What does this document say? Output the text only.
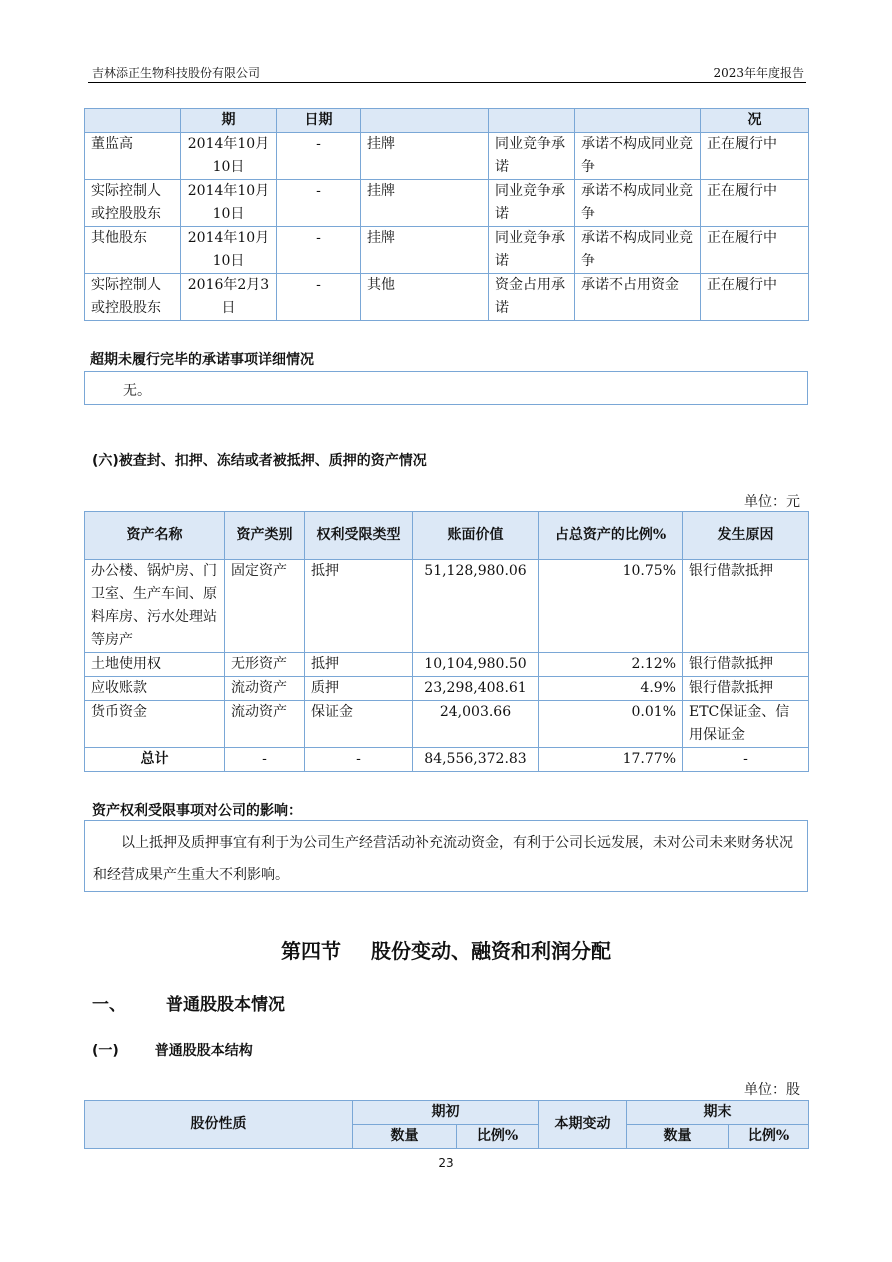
吉林添正生物科技股份有限公司	2023年年度报告
	期	日期				况
董监高	2014年10月10日	-	挂牌	同业竞争承诺	承诺不构成同业竞争	正在履行中
实际控制人或控股股东	2014年10月10日	-	挂牌	同业竞争承诺	承诺不构成同业竞争	正在履行中
其他股东	2014年10月10日	-	挂牌	同业竞争承诺	承诺不构成同业竞争	正在履行中
实际控制人或控股股东	2016年2月3日	-	其他	资金占用承诺	承诺不占用资金	正在履行中
超期未履行完毕的承诺事项详细情况
无。
(六)被查封、扣押、冻结或者被抵押、质押的资产情况
单位：元
资产名称	资产类别	权利受限类型	账面价值	占总资产的比例%	发生原因
办公楼、锅炉房、门卫室、生产车间、原料库房、污水处理站等房产	固定资产	抵押	51,128,980.06	10.75%	银行借款抵押
土地使用权	无形资产	抵押	10,104,980.50	2.12%	银行借款抵押
应收账款	流动资产	质押	23,298,408.61	4.9%	银行借款抵押
货币资金	流动资产	保证金	24,003.66	0.01%	ETC保证金、信用保证金
总计	-	-	84,556,372.83	17.77%	-
资产权利受限事项对公司的影响：
以上抵押及质押事宜有利于为公司生产经营活动补充流动资金，有利于公司长远发展，未对公司未来财务状况和经营成果产生重大不利影响。
第四节 股份变动、融资和利润分配
一、 普通股股本情况
(一)	普通股股本结构
单位：股
股份性质	期初		本期变动	期末	
	数量	比例%		数量	比例%
23
